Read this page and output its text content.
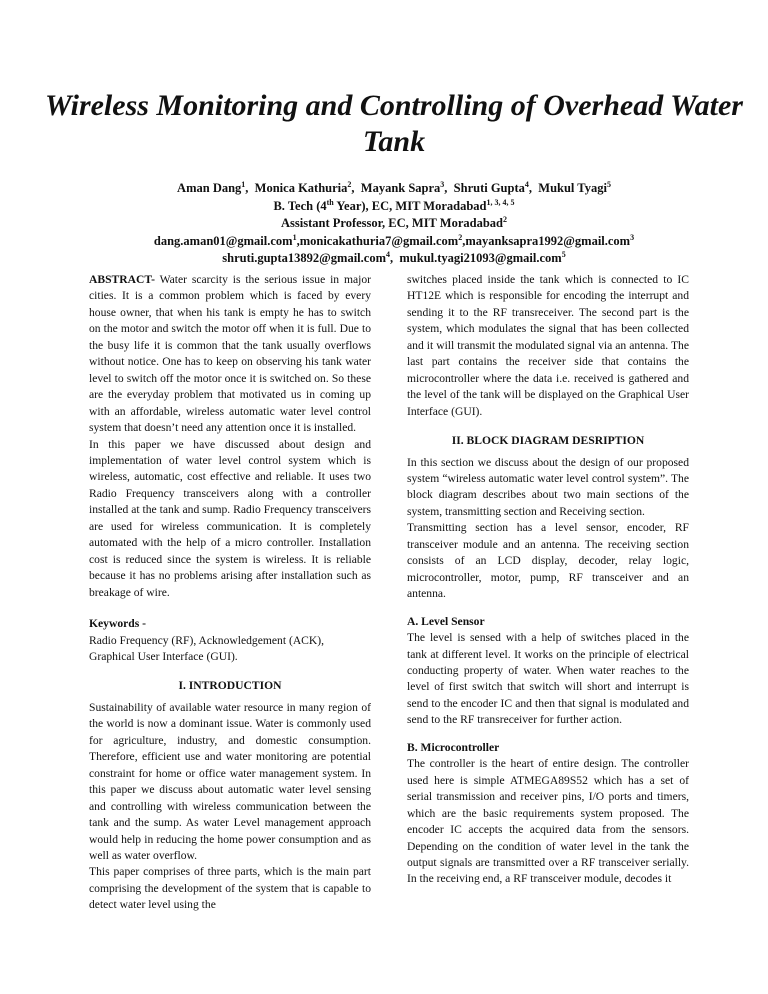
Wireless Monitoring and Controlling of Overhead Water Tank
Aman Dang$^1$,  Monica Kathuria$^2$,  Mayank Sapra$^3$,  Shruti Gupta$^4$,  Mukul Tyagi$^5$
B. Tech (4th Year), EC, MIT Moradabad$^{1, 3, 4, 5}$
Assistant Professor, EC, MIT Moradabad$^2$
dang.aman01@gmail.com$^1$,monicakathuria7@gmail.com$^2$,mayanksapra1992@gmail.com$^3$
shruti.gupta13892@gmail.com$^4$,  mukul.tyagi21093@gmail.com$^5$

ABSTRACT- Water scarcity is the serious issue in major cities. It is a common problem which is faced by every house owner, that when his tank is empty he has to switch on the motor and switch the motor off when it is full. Due to the busy life it is common that the tank usually overflows without notice. One has to keep on observing his tank water level to switch off the motor once it is switched on. So these are the everyday problem that motivated us in coming up with an affordable, wireless automatic water level control system that doesn’t need any attention once it is installed.

In this paper we have discussed about design and implementation of water level control system which is wireless, automatic, cost effective and reliable. It uses two Radio Frequency transceivers along with a controller installed at the tank and sump. Radio Frequency transceivers are used for wireless communication. It is completely automated with the help of a micro controller. Installation cost is reduced since the system is wireless. It is reliable because it has no problems arising after installation such as breakage of wire.

Keywords -

Radio Frequency (RF), Acknowledgement (ACK), Graphical User Interface (GUI).

I. INTRODUCTION

Sustainability of available water resource in many region of the world is now a dominant issue. Water is commonly used for agriculture, industry, and domestic consumption. Therefore, efficient use and water monitoring are potential constraint for home or office water management system. In this paper we discuss about automatic water level sensing and controlling with wireless communication between the tank and the sump. As water Level management approach would help in reducing the home power consumption and as well as water overflow.

This paper comprises of three parts, which is the main part comprising the development of the system that is capable to detect water level using the

switches placed inside the tank which is connected to IC HT12E which is responsible for encoding the interrupt and sending it to the RF transreceiver. The second part is the system, which modulates the signal that has been collected and it will transmit the modulated signal via an antenna. The last part contains the receiver side that contains the microcontroller where the data i.e. received is gathered and the level of the tank will be displayed on the Graphical User Interface (GUI).

II. BLOCK DIAGRAM DESRIPTION

In this section we discuss about the design of our proposed system “wireless automatic water level control system”. The block diagram describes about two main sections of the system, transmitting section and Receiving section.

Transmitting section has a level sensor, encoder, RF transceiver module and an antenna. The receiving section consists of an LCD display, decoder, relay logic, microcontroller, motor, pump, RF transceiver and an antenna.

A. Level Sensor

The level is sensed with a help of switches placed in the tank at different level. It works on the principle of electrical conducting property of water. When water reaches to the level of first switch that switch will short and interrupt is send to the encoder IC and then that signal is modulated and send to the RF transreceiver for further action.

B. Microcontroller

The controller is the heart of entire design. The controller used here is simple ATMEGA89S52 which has a set of serial transmission and receiver pins, I/O ports and timers, which are the basic requirements system proposed. The encoder IC accepts the acquired data from the sensors. Depending on the condition of water level in the tank the output signals are transmitted over a RF transceiver serially. In the receiving end, a RF transceiver module, decodes it
